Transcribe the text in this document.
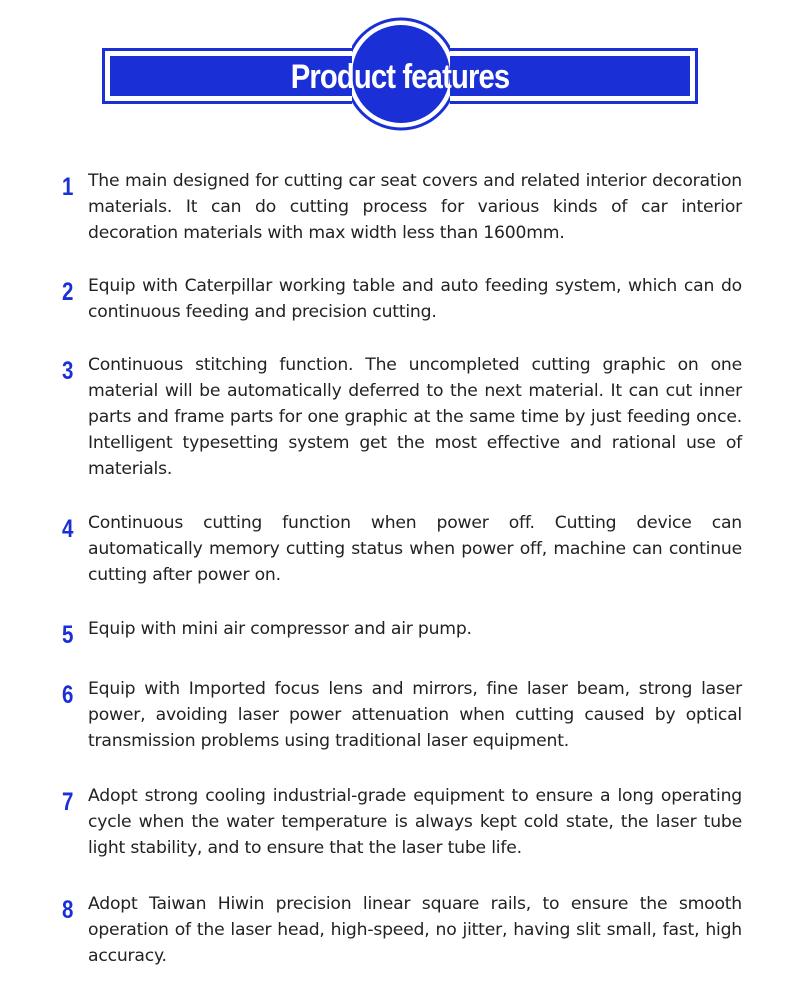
Product features
1 The main designed for cutting car seat covers and related interior decoration materials. It can do cutting process for various kinds of car interior decoration materials with max width less than 1600mm.
2 Equip with Caterpillar working table and auto feeding system, which can do continuous feeding and precision cutting.
3 Continuous stitching function. The uncompleted cutting graphic on one material will be automatically deferred to the next material. It can cut inner parts and frame parts for one graphic at the same time by just feeding once. Intelligent typesetting system get the most effective and rational use of materials.
4 Continuous cutting function when power off. Cutting device can automatically memory cutting status when power off, machine can continue cutting after power on.
5 Equip with mini air compressor and air pump.
6 Equip with Imported focus lens and mirrors, fine laser beam, strong laser power, avoiding laser power attenuation when cutting caused by optical transmission problems using traditional laser equipment.
7 Adopt strong cooling industrial-grade equipment to ensure a long operating cycle when the water temperature is always kept cold state, the laser tube light stability, and to ensure that the laser tube life.
8 Adopt Taiwan Hiwin precision linear square rails, to ensure the smooth operation of the laser head, high-speed, no jitter, having slit small, fast, high accuracy.
